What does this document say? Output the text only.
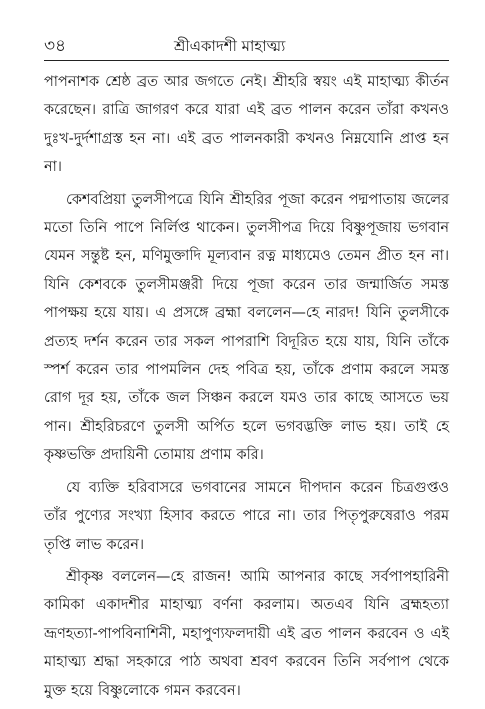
৩৪	শ্রীএকাদশী মাহাত্ম্য

পাপনাশক শ্রেষ্ঠ ব্রত আর জগতে নেই। শ্রীহরি স্বয়ং এই মাহাত্ম্য কীর্তন করেছেন। রাত্রি জাগরণ করে যারা এই ব্রত পালন করেন তাঁরা কখনও দুঃখ-দুর্দশাগ্রস্ত হন না। এই ব্রত পালনকারী কখনও নিম্নযোনি প্রাপ্ত হন না।

কেশবপ্রিয়া তুলসীপত্রে যিনি শ্রীহরির পূজা করেন পদ্মপাতায় জলের মতো তিনি পাপে নির্লিপ্ত থাকেন। তুলসীপত্র দিয়ে বিষ্ণুপূজায় ভগবান যেমন সন্তুষ্ট হন, মণিমুক্তাদি মূল্যবান রত্ন মাধ্যমেও তেমন প্রীত হন না। যিনি কেশবকে তুলসীমঞ্জরী দিয়ে পূজা করেন তার জন্মার্জিত সমস্ত পাপক্ষয় হয়ে যায়। এ প্রসঙ্গে ব্রহ্মা বললেন—হে নারদ! যিনি তুলসীকে প্রত্যহ দর্শন করেন তার সকল পাপরাশি বিদূরিত হয়ে যায়, যিনি তাঁকে স্পর্শ করেন তার পাপমলিন দেহ পবিত্র হয়, তাঁকে প্রণাম করলে সমস্ত রোগ দূর হয়, তাঁকে জল সিঞ্চন করলে যমও তার কাছে আসতে ভয় পান। শ্রীহরিচরণে তুলসী অর্পিত হলে ভগবদ্ভক্তি লাভ হয়। তাই হে কৃষ্ণভক্তি প্রদায়িনী তোমায় প্রণাম করি।

যে ব্যক্তি হরিবাসরে ভগবানের সামনে দীপদান করেন চিত্রগুপ্তও তাঁর পুণ্যের সংখ্যা হিসাব করতে পারে না। তার পিতৃপুরুষেরাও পরম তৃপ্তি লাভ করেন।

শ্রীকৃষ্ণ বললেন—হে রাজন! আমি আপনার কাছে সর্বপাপহারিনী কামিকা একাদশীর মাহাত্ম্য বর্ণনা করলাম। অতএব যিনি ব্রহ্মহত্যা ভ্রূণহত্যা-পাপবিনাশিনী, মহাপুণ্যফলদায়ী এই ব্রত পালন করবেন ও এই মাহাত্ম্য শ্রদ্ধা সহকারে পাঠ অথবা শ্রবণ করবেন তিনি সর্বপাপ থেকে মুক্ত হয়ে বিষ্ণুলোকে গমন করবেন।
